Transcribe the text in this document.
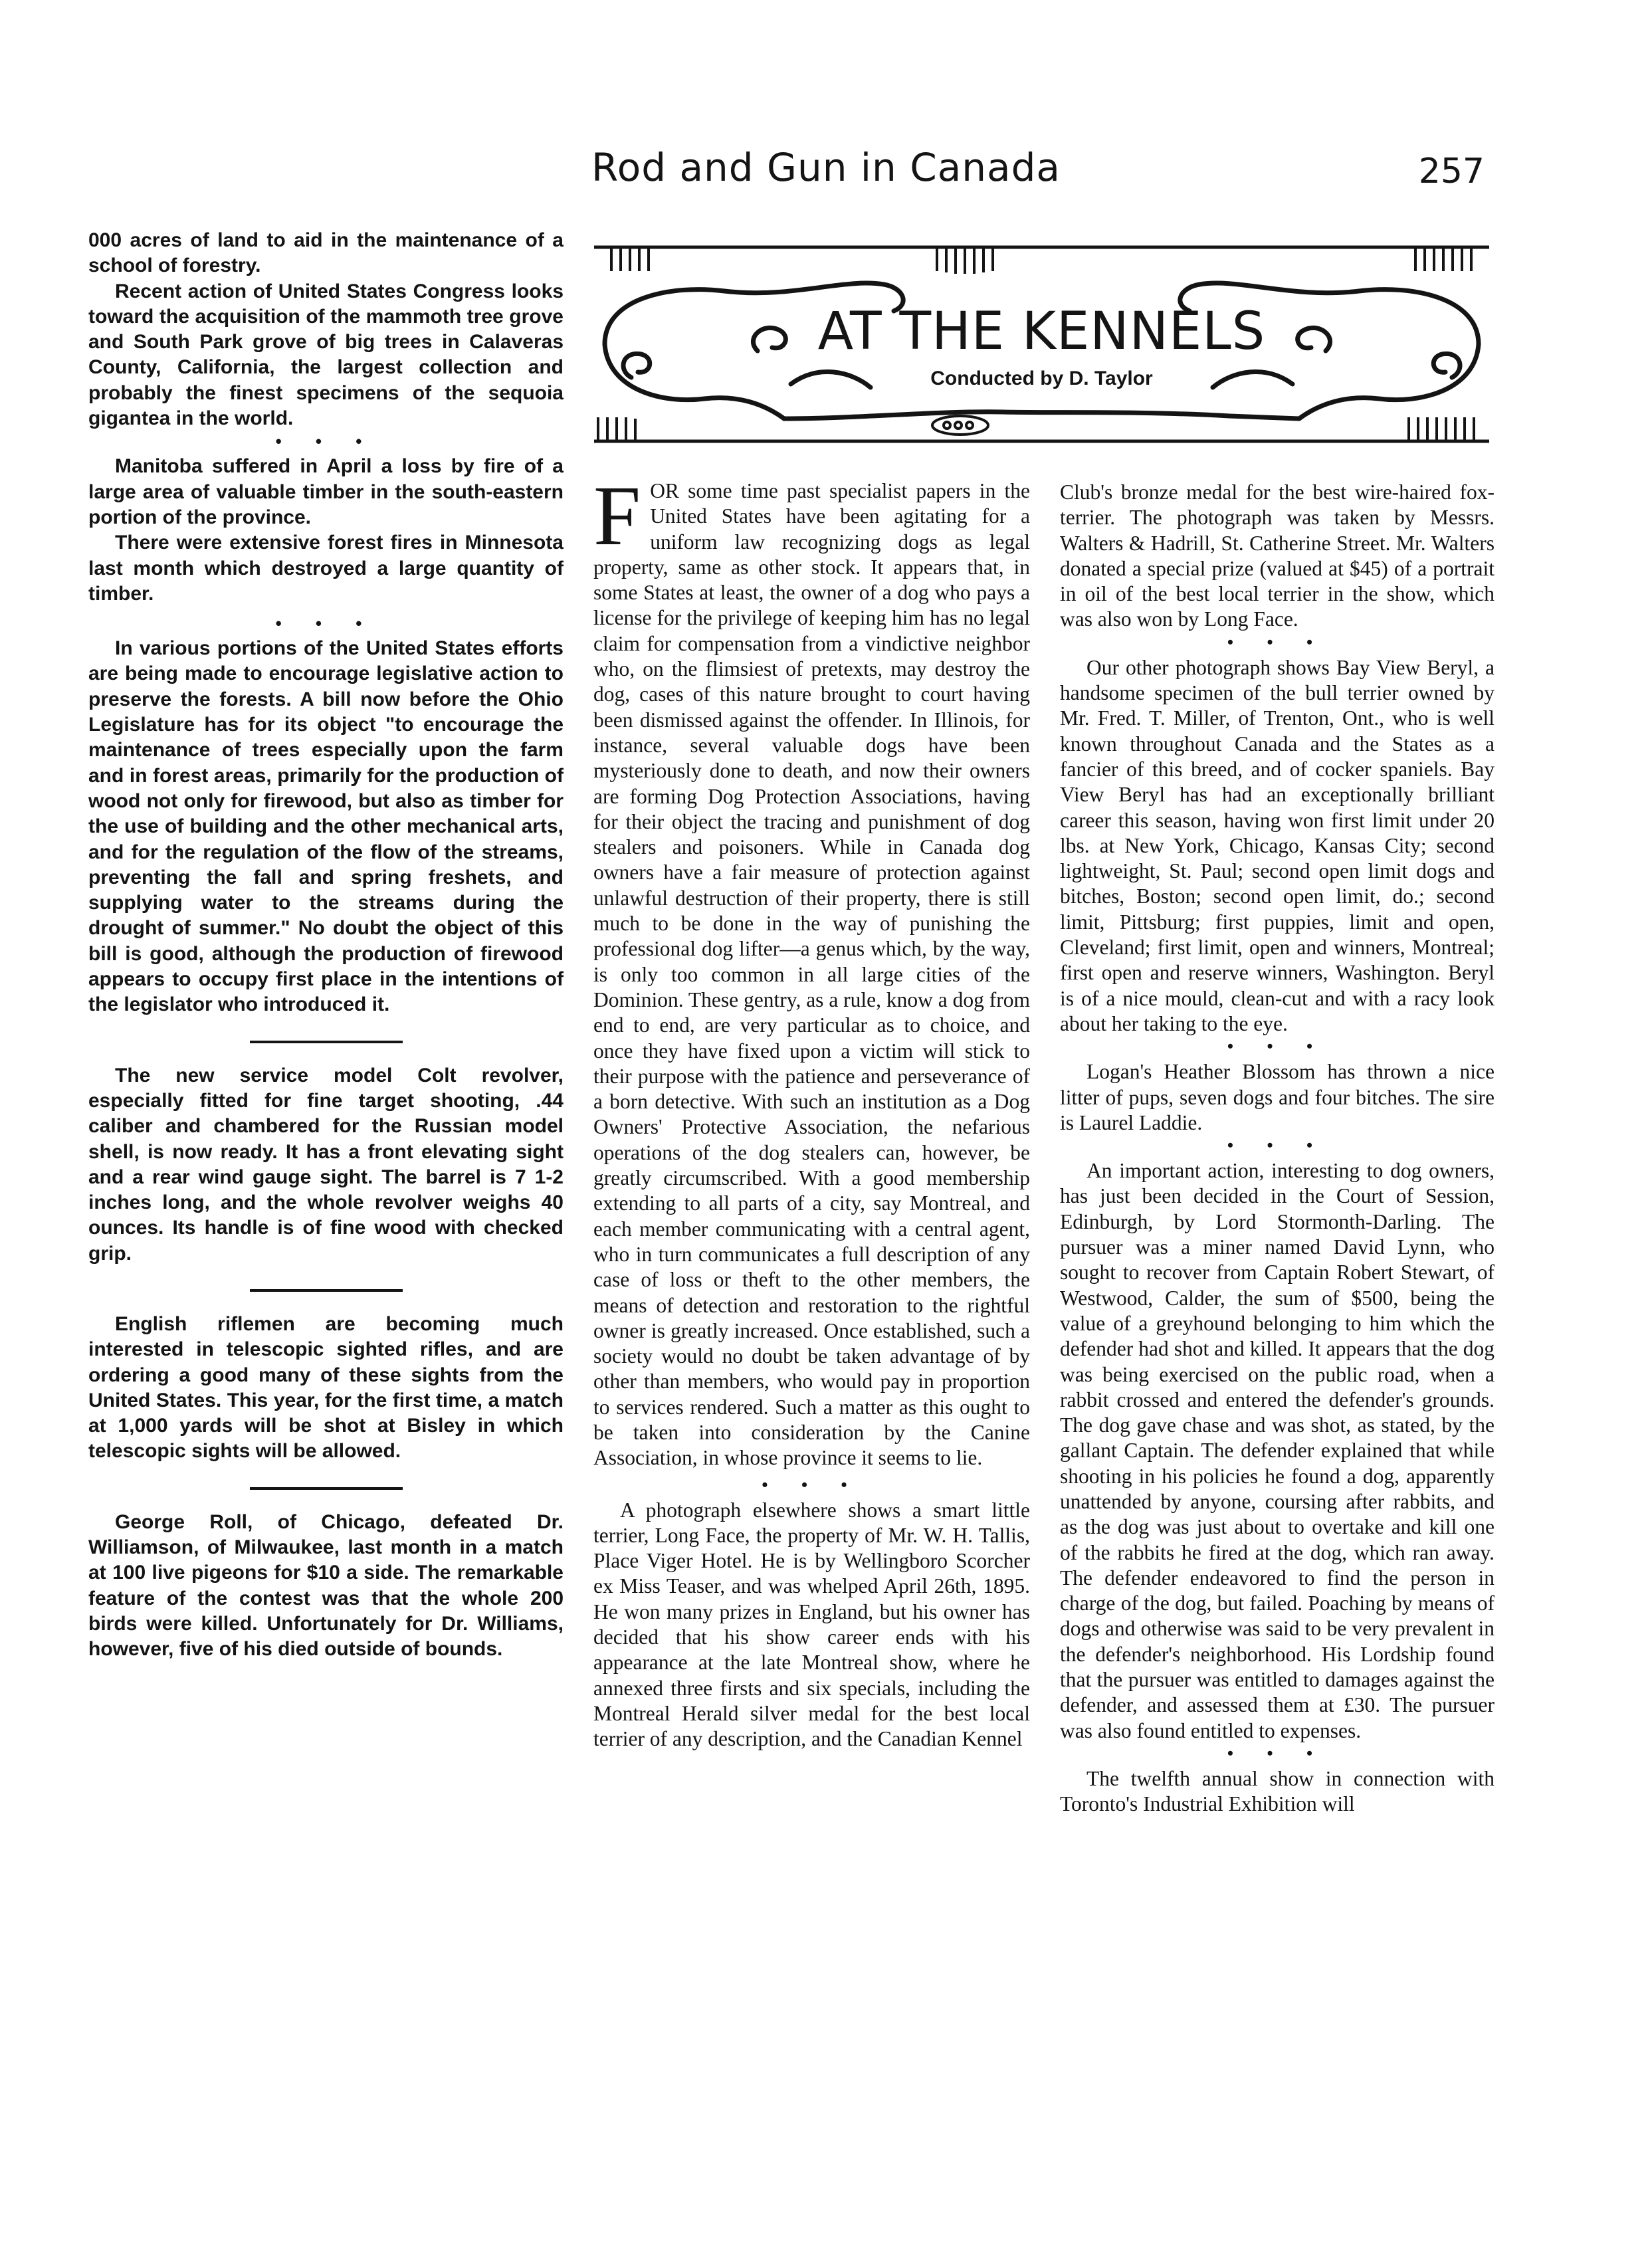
Rod and Gun in Canada	257
AT THE KENNELS
Conducted by D. Taylor

000 acres of land to aid in the maintenance of a school of forestry.

Recent action of United States Congress looks toward the acquisition of the mammoth tree grove and South Park grove of big trees in Calaveras County, California, the largest collection and probably the finest specimens of the sequoia gigantea in the world.

• • •

Manitoba suffered in April a loss by fire of a large area of valuable timber in the south-eastern portion of the province.

There were extensive forest fires in Minnesota last month which destroyed a large quantity of timber.

• • •

In various portions of the United States efforts are being made to encourage legislative action to preserve the forests. A bill now before the Ohio Legislature has for its object "to encourage the maintenance of trees especially upon the farm and in forest areas, primarily for the production of wood not only for firewood, but also as timber for the use of building and the other mechanical arts, and for the regulation of the flow of the streams, preventing the fall and spring freshets, and supplying water to the streams during the drought of summer." No doubt the object of this bill is good, although the production of firewood appears to occupy first place in the intentions of the legislator who introduced it.

The new service model Colt revolver, especially fitted for fine target shooting, .44 caliber and chambered for the Russian model shell, is now ready. It has a front elevating sight and a rear wind gauge sight. The barrel is 7 1-2 inches long, and the whole revolver weighs 40 ounces. Its handle is of fine wood with checked grip.

English riflemen are becoming much interested in telescopic sighted rifles, and are ordering a good many of these sights from the United States. This year, for the first time, a match at 1,000 yards will be shot at Bisley in which telescopic sights will be allowed.

George Roll, of Chicago, defeated Dr. Williamson, of Milwaukee, last month in a match at 100 live pigeons for $10 a side. The remarkable feature of the contest was that the whole 200 birds were killed. Unfortunately for Dr. Williams, however, five of his died outside of bounds.

FOR some time past specialist papers in the United States have been agitating for a uniform law recognizing dogs as legal property, same as other stock. It appears that, in some States at least, the owner of a dog who pays a license for the privilege of keeping him has no legal claim for compensation from a vindictive neighbor who, on the flimsiest of pretexts, may destroy the dog, cases of this nature brought to court having been dismissed against the offender. In Illinois, for instance, several valuable dogs have been mysteriously done to death, and now their owners are forming Dog Protection Associations, having for their object the tracing and punishment of dog stealers and poisoners. While in Canada dog owners have a fair measure of protection against unlawful destruction of their property, there is still much to be done in the way of punishing the professional dog lifter—a genus which, by the way, is only too common in all large cities of the Dominion. These gentry, as a rule, know a dog from end to end, are very particular as to choice, and once they have fixed upon a victim will stick to their purpose with the patience and perseverance of a born detective. With such an institution as a Dog Owners' Protective Association, the nefarious operations of the dog stealers can, however, be greatly circumscribed. With a good membership extending to all parts of a city, say Montreal, and each member communicating with a central agent, who in turn communicates a full description of any case of loss or theft to the other members, the means of detection and restoration to the rightful owner is greatly increased. Once established, such a society would no doubt be taken advantage of by other than members, who would pay in proportion to services rendered. Such a matter as this ought to be taken into consideration by the Canine Association, in whose province it seems to lie.

• • •

A photograph elsewhere shows a smart little terrier, Long Face, the property of Mr. W. H. Tallis, Place Viger Hotel. He is by Wellingboro Scorcher ex Miss Teaser, and was whelped April 26th, 1895. He won many prizes in England, but his owner has decided that his show career ends with his appearance at the late Montreal show, where he annexed three firsts and six specials, including the Montreal Herald silver medal for the best local terrier of any description, and the Canadian Kennel

Club's bronze medal for the best wire-haired fox-terrier. The photograph was taken by Messrs. Walters & Hadrill, St. Catherine Street. Mr. Walters donated a special prize (valued at $45) of a portrait in oil of the best local terrier in the show, which was also won by Long Face.

• • •

Our other photograph shows Bay View Beryl, a handsome specimen of the bull terrier owned by Mr. Fred. T. Miller, of Trenton, Ont., who is well known throughout Canada and the States as a fancier of this breed, and of cocker spaniels. Bay View Beryl has had an exceptionally brilliant career this season, having won first limit under 20 lbs. at New York, Chicago, Kansas City; second lightweight, St. Paul; second open limit dogs and bitches, Boston; second open limit, do.; second limit, Pittsburg; first puppies, limit and open, Cleveland; first limit, open and winners, Montreal; first open and reserve winners, Washington. Beryl is of a nice mould, clean-cut and with a racy look about her taking to the eye.

• • •

Logan's Heather Blossom has thrown a nice litter of pups, seven dogs and four bitches. The sire is Laurel Laddie.

• • •

An important action, interesting to dog owners, has just been decided in the Court of Session, Edinburgh, by Lord Stormonth-Darling. The pursuer was a miner named David Lynn, who sought to recover from Captain Robert Stewart, of Westwood, Calder, the sum of $500, being the value of a greyhound belonging to him which the defender had shot and killed. It appears that the dog was being exercised on the public road, when a rabbit crossed and entered the defender's grounds. The dog gave chase and was shot, as stated, by the gallant Captain. The defender explained that while shooting in his policies he found a dog, apparently unattended by anyone, coursing after rabbits, and as the dog was just about to overtake and kill one of the rabbits he fired at the dog, which ran away. The defender endeavored to find the person in charge of the dog, but failed. Poaching by means of dogs and otherwise was said to be very prevalent in the defender's neighborhood. His Lordship found that the pursuer was entitled to damages against the defender, and assessed them at £30. The pursuer was also found entitled to expenses.

• • •

The twelfth annual show in connection with Toronto's Industrial Exhibition will
